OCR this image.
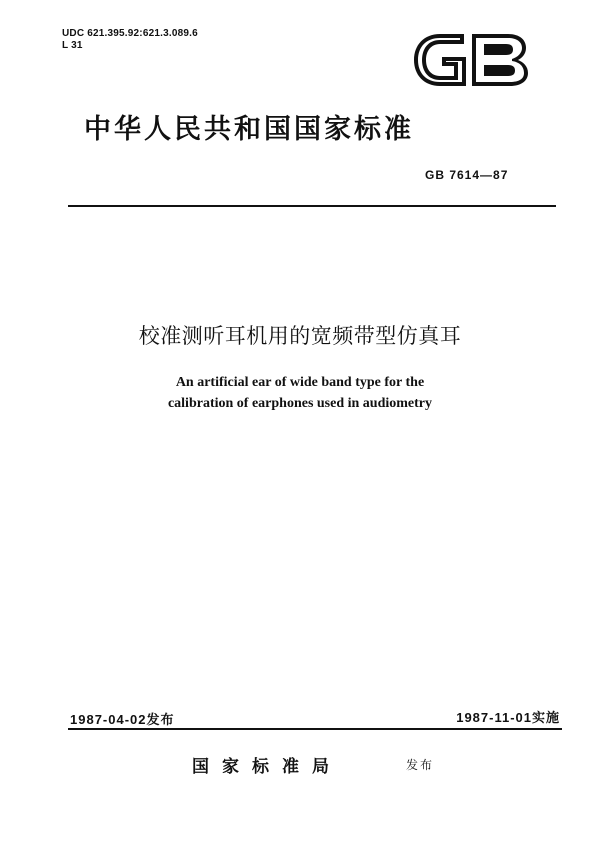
UDC 621.395.92:621.3.089.6
L 31
中华人民共和国国家标准
GB 7614—87
校准测听耳机用的宽频带型仿真耳
An artificial ear of wide band type for the
calibration of earphones used in audiometry
1987-04-02发布	1987-11-01实施
国家标准局	发布
